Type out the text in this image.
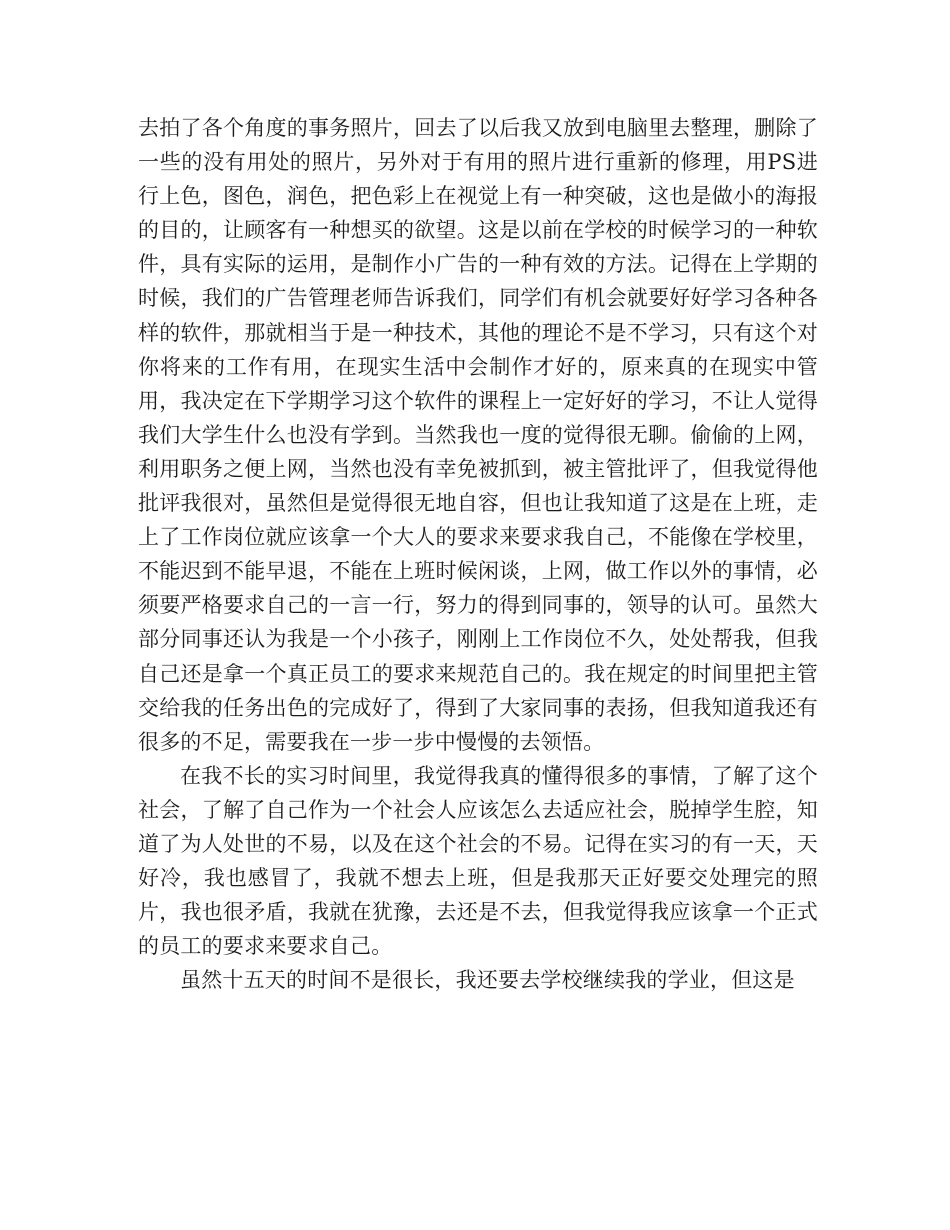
去拍了各个角度的事务照片，回去了以后我又放到电脑里去整理，删除了一些的没有用处的照片，另外对于有用的照片进行重新的修理，用PS进行上色，图色，润色，把色彩上在视觉上有一种突破，这也是做小的海报的目的，让顾客有一种想买的欲望。这是以前在学校的时候学习的一种软件，具有实际的运用，是制作小广告的一种有效的方法。记得在上学期的时候，我们的广告管理老师告诉我们，同学们有机会就要好好学习各种各样的软件，那就相当于是一种技术，其他的理论不是不学习，只有这个对你将来的工作有用，在现实生活中会制作才好的，原来真的在现实中管用，我决定在下学期学习这个软件的课程上一定好好的学习，不让人觉得我们大学生什么也没有学到。当然我也一度的觉得很无聊。偷偷的上网，利用职务之便上网，当然也没有幸免被抓到，被主管批评了，但我觉得他批评我很对，虽然但是觉得很无地自容，但也让我知道了这是在上班，走上了工作岗位就应该拿一个大人的要求来要求我自己，不能像在学校里，不能迟到不能早退，不能在上班时候闲谈，上网，做工作以外的事情，必须要严格要求自己的一言一行，努力的得到同事的，领导的认可。虽然大部分同事还认为我是一个小孩子，刚刚上工作岗位不久，处处帮我，但我自己还是拿一个真正员工的要求来规范自己的。我在规定的时间里把主管交给我的任务出色的完成好了，得到了大家同事的表扬，但我知道我还有很多的不足，需要我在一步一步中慢慢的去领悟。

在我不长的实习时间里，我觉得我真的懂得很多的事情，了解了这个社会，了解了自己作为一个社会人应该怎么去适应社会，脱掉学生腔，知道了为人处世的不易，以及在这个社会的不易。记得在实习的有一天，天好冷，我也感冒了，我就不想去上班，但是我那天正好要交处理完的照片，我也很矛盾，我就在犹豫，去还是不去，但我觉得我应该拿一个正式的员工的要求来要求自己。

虽然十五天的时间不是很长，我还要去学校继续我的学业，但这是
